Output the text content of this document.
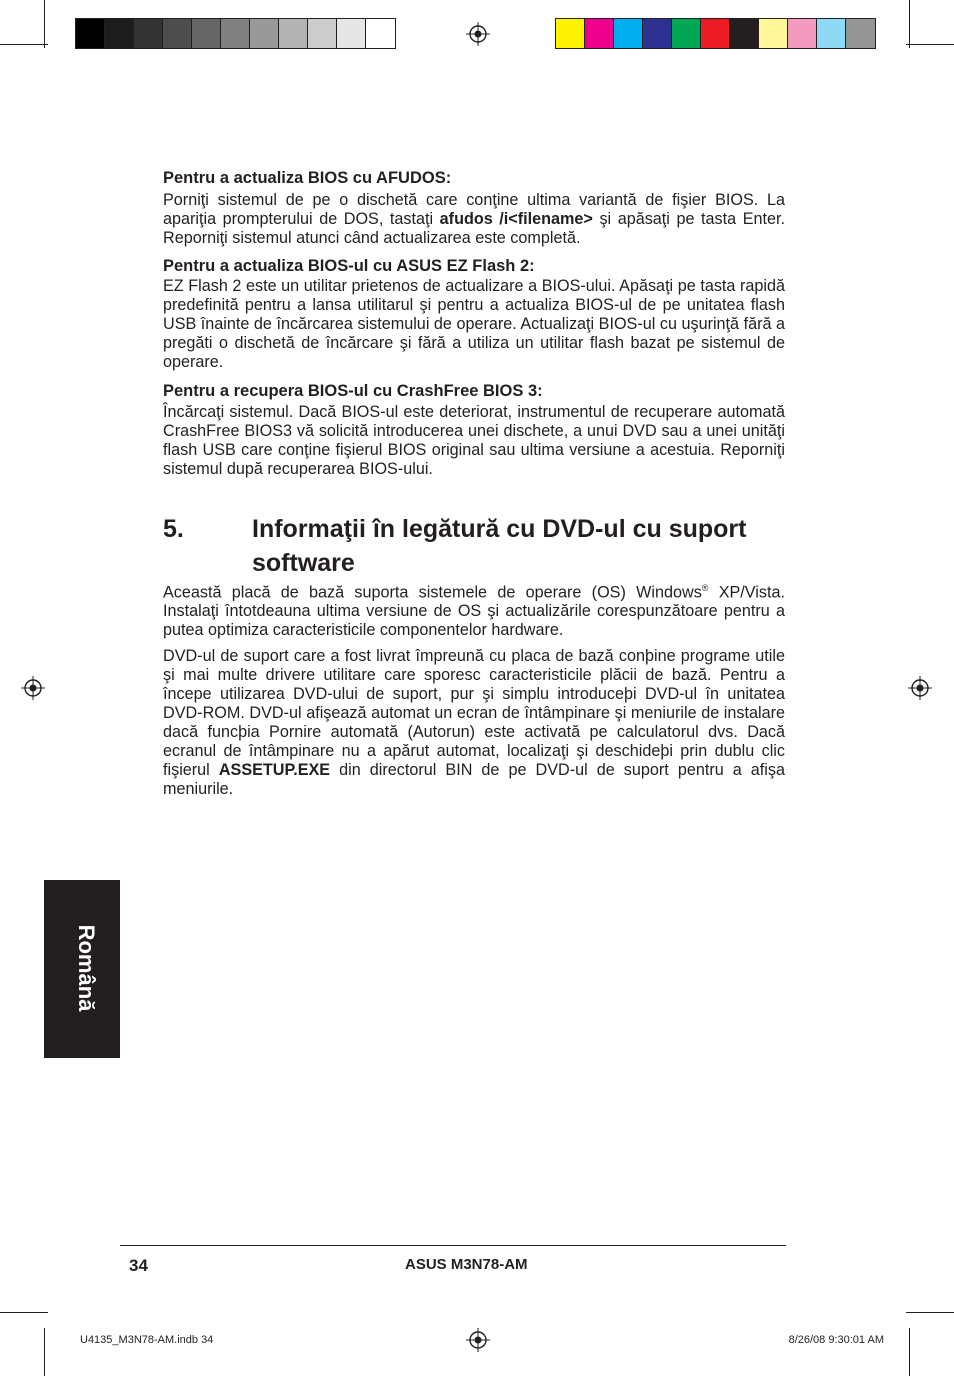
Pentru a actualiza BIOS cu AFUDOS:
Porniţi sistemul de pe o dischetă care conţine ultima variantă de fişier BIOS. La apariţia prompterului de DOS, tastaţi afudos /i<filename> şi apăsaţi pe tasta Enter. Reporniţi sistemul atunci când actualizarea este completă.
Pentru a actualiza BIOS-ul cu ASUS EZ Flash 2:
EZ Flash 2 este un utilitar prietenos de actualizare a BIOS-ului. Apăsaţi pe tasta rapidă predefinită pentru a lansa utilitarul şi pentru a actualiza BIOS-ul de pe unitatea flash USB înainte de încărcarea sistemului de operare. Actualizaţi BIOS-ul cu uşurinţă fără a pregăti o dischetă de încărcare şi fără a utiliza un utilitar flash bazat pe sistemul de operare.
Pentru a recupera BIOS-ul cu CrashFree BIOS 3:
Încărcaţi sistemul. Dacă BIOS-ul este deteriorat, instrumentul de recuperare automată CrashFree BIOS3 vă solicită introducerea unei dischete, a unui DVD sau a unei unităţi flash USB care conţine fişierul BIOS original sau ultima versiune a acestuia. Reporniţi sistemul după recuperarea BIOS-ului.
5.	Informaţii în legătură cu DVD-ul cu suport
software
Această placă de bază suporta sistemele de operare (OS) Windows® XP/Vista. Instalaţi întotdeauna ultima versiune de OS şi actualizările corespunzătoare pentru a putea optimiza caracteristicile componentelor hardware.
DVD-ul de suport care a fost livrat împreună cu placa de bază conþine programe utile şi mai multe drivere utilitare care sporesc caracteristicile plăcii de bază. Pentru a începe utilizarea DVD-ului de suport, pur şi simplu introduceþi DVD-ul în unitatea DVD-ROM. DVD-ul afişează automat un ecran de întâmpinare şi meniurile de instalare dacă funcþia Pornire automată (Autorun) este activată pe calculatorul dvs. Dacă ecranul de întâmpinare nu a apărut automat, localizaţi şi deschideþi prin dublu clic fişierul ASSETUP.EXE din directorul BIN de pe DVD-ul de suport pentru a afişa meniurile.
Română
34	ASUS M3N78-AM
U4135_M3N78-AM.indb 34	8/26/08 9:30:01 AM
